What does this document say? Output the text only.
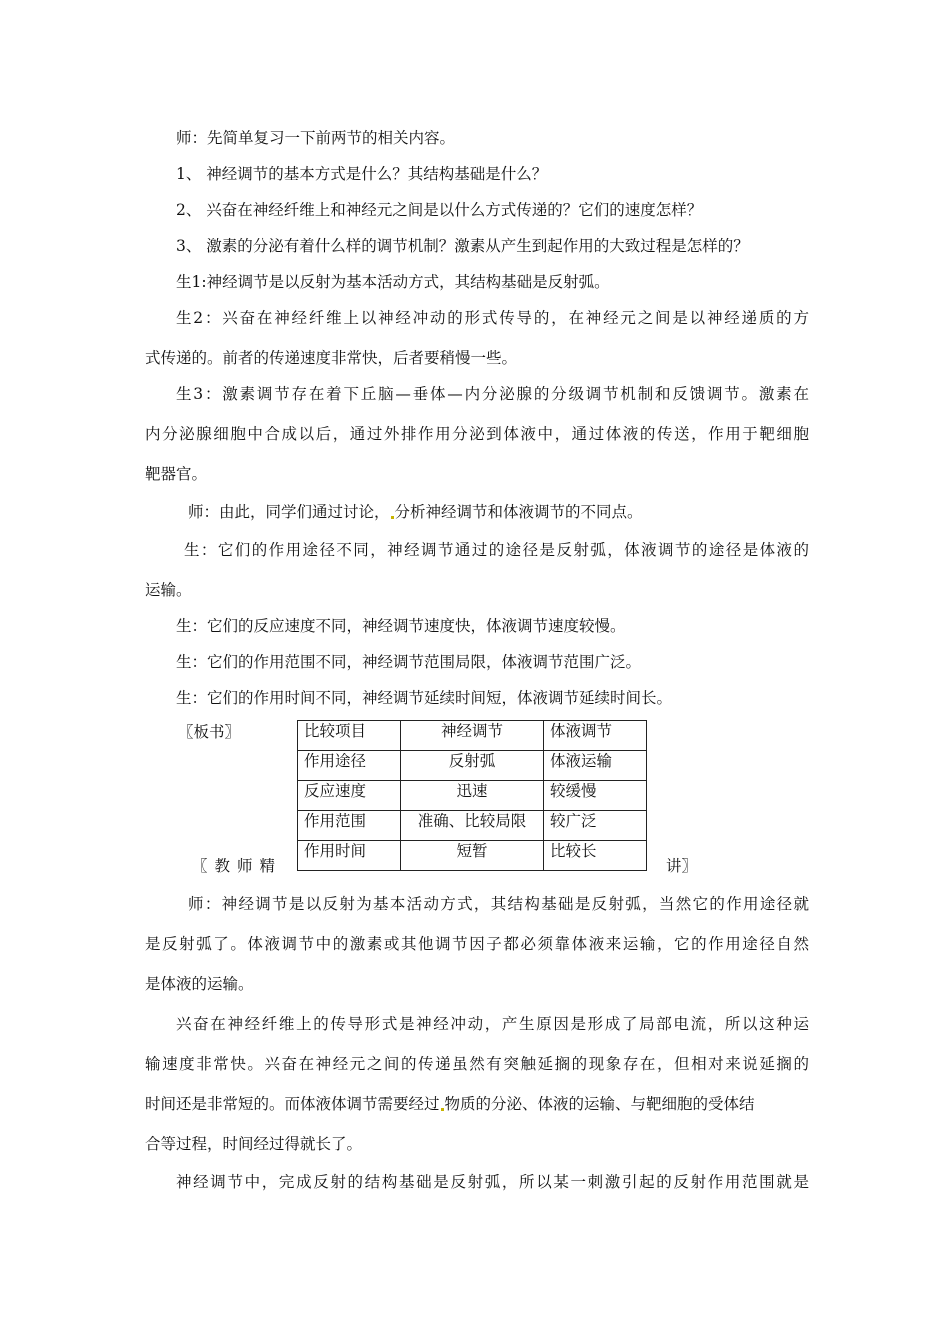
师：先简单复习一下前两节的相关内容。
1、 神经调节的基本方式是什么？其结构基础是什么？
2、 兴奋在神经纤维上和神经元之间是以什么方式传递的？它们的速度怎样？
3、 激素的分泌有着什么样的调节机制？激素从产生到起作用的大致过程是怎样的？
生1:神经调节是以反射为基本活动方式，其结构基础是反射弧。
生2：兴奋在神经纤维上以神经冲动的形式传导的，在神经元之间是以神经递质的方
式传递的。前者的传递速度非常快，后者要稍慢一些。
生3：激素调节存在着下丘脑—垂体—内分泌腺的分级调节机制和反馈调节。激素在
内分泌腺细胞中合成以后，通过外排作用分泌到体液中，通过体液的传送，作用于靶细胞
靶器官。
师：由此，同学们通过讨论， 分析神经调节和体液调节的不同点。
生：它们的作用途径不同，神经调节通过的途径是反射弧，体液调节的途径是体液的
运输。
生：它们的反应速度不同，神经调节速度快，体液调节速度较慢。
生：它们的作用范围不同，神经调节范围局限，体液调节范围广泛。
生：它们的作用时间不同，神经调节延续时间短，体液调节延续时间长。
〖板书〗	比较项目	神经调节	体液调节
作用途径	反射弧	体液运输
反应速度	迅速	较缓慢
作用范围	准确、比较局限	较广泛
作用时间	短暂	比较长
〖教师精	讲〗
师：神经调节是以反射为基本活动方式，其结构基础是反射弧，当然它的作用途径就
是反射弧了。体液调节中的激素或其他调节因子都必须靠体液来运输，它的作用途径自然
是体液的运输。
兴奋在神经纤维上的传导形式是神经冲动，产生原因是形成了局部电流，所以这种运
输速度非常快。兴奋在神经元之间的传递虽然有突触延搁的现象存在，但相对来说延搁的
时间还是非常短的。而体液体调节需要经过 物质的分泌、体液的运输、与靶细胞的受体结
合等过程，时间经过得就长了。
神经调节中，完成反射的结构基础是反射弧，所以某一刺激引起的反射作用范围就是
